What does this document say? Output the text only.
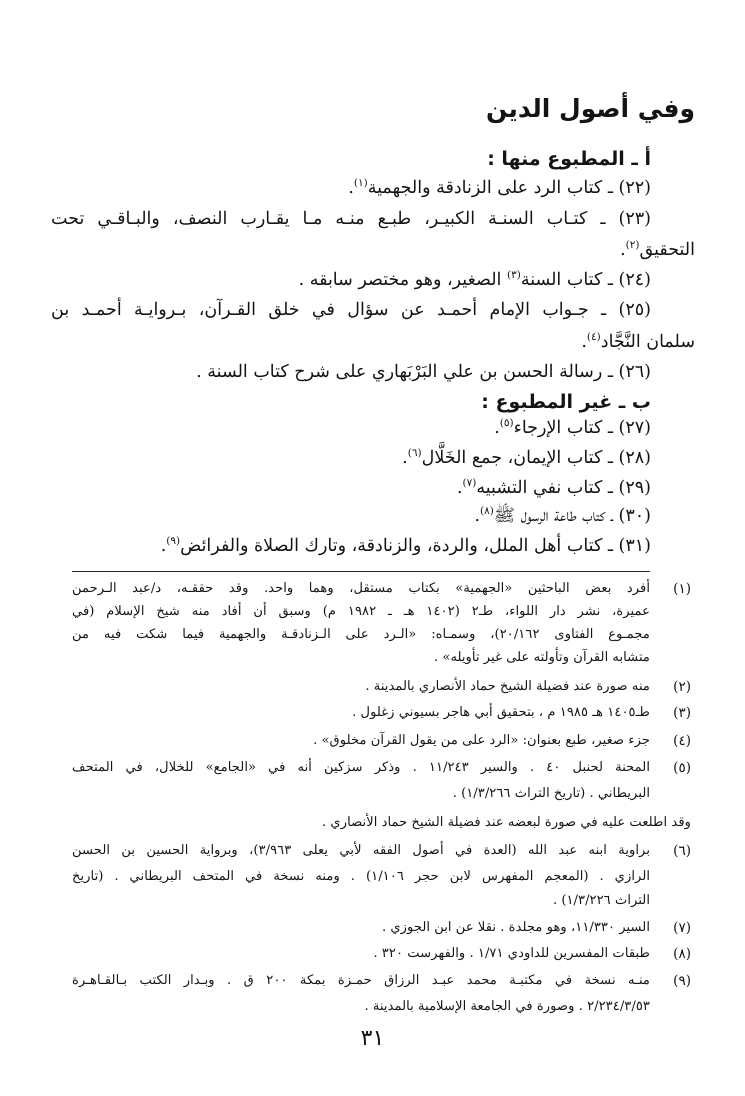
وفي أصول الدين
أ ـ المطبوع منها :
(٢٢) ـ كتاب الرد على الزنادقة والجهمية$^{(١)}$.
(٢٣) ـ كتـاب السنـة الكبيـر، طبـع منـه مـا يقـارب النصف، والبـاقـي تحت
التحقيق$^{(٢)}$.
(٢٤) ـ كتاب السنة$^{(٣)}$ الصغير، وهو مختصر سابقه .
(٢٥) ـ جـواب الإمام أحمـد عن سؤال في خلق القـرآن، بـروايـة أحمـد بن
سلمان النَّجَّاد$^{(٤)}$.
(٢٦) ـ رسالة الحسن بن علي البَرْبَهاري على شرح كتاب السنة .
ب ـ غير المطبوع :
(٢٧) ـ كتاب الإرجاء$^{(٥)}$.
(٢٨) ـ كتاب الإيمان، جمع الخَلَّال$^{(٦)}$.
(٢٩) ـ كتاب نفي التشبيه$^{(٧)}$.
(٣٠) ـ كتاب طاعة الرسول ﷺ$^{(٨)}$.
(٣١) ـ كتاب أهل الملل، والردة، والزنادقة، وتارك الصلاة والفرائض$^{(٩)}$.
(١)
أفرد بعض الباحثين «الجهمية» بكتاب مستقل، وهما واحد. وقد حققـه، د/عبد الـرحمن
عميرة، نشر دار اللواء، طـ٢ (١٤٠٢ هـ ـ ١٩٨٢ م) وسبق أن أفاد منه شيخ الإسلام (في
مجمـوع الفتاوى ٢٠/١٦٢)، وسمـاه: «الـرد على الـزنادقـة والجهمية فيما شكت فيه من
متشابه القرآن وتأولته على غير تأويله» .
(٢)
منه صورة عند فضيلة الشيخ حماد الأنصاري بالمدينة .
(٣)
طـ١٤٠٥ هـ ١٩٨٥ م ، بتحقيق أبي هاجر بسيوني زغلول .
(٤)
جزء صغير، طبع بعنوان: «الرد على من يقول القرآن مخلوق» .
(٥)
المحنة لحنبل ٤٠ . والسير ١١/٢٤٣ . وذكر سزكين أنه في «الجامع» للخلال، في المتحف
البريطاني . (تاريخ التراث ١/٣/٢٦٦) .
وقد اطلعت عليه في صورة لبعضه عند فضيلة الشيخ حماد الأنصاري .
(٦)
براوية ابنه عبد الله (العدة في أصول الفقه لأبي يعلى ٣/٩٦٣)، وبرواية الحسين بن الحسن
الرازي . (المعجم المفهرس لابن حجر ١/١٠٦) . ومنه نسخة في المتحف البريطاني . (تاريخ
التراث ١/٣/٢٢٦) .
(٧)
السير ١١/٣٣٠، وهو مجلدة . نقلا عن ابن الجوزي .
(٨)
طبقات المفسرين للداودي ١/٧١ . والفهرست ٣٢٠ .
(٩)
منـه نسخة في مكتبـة محمد عبـد الرزاق حمـزة بمكة ٢٠٠ ق . وبـدار الكتب بـالقـاهـرة
٢/٢٣٤/٣/٥٣ . وصورة في الجامعة الإسلامية بالمدينة .
٣١
